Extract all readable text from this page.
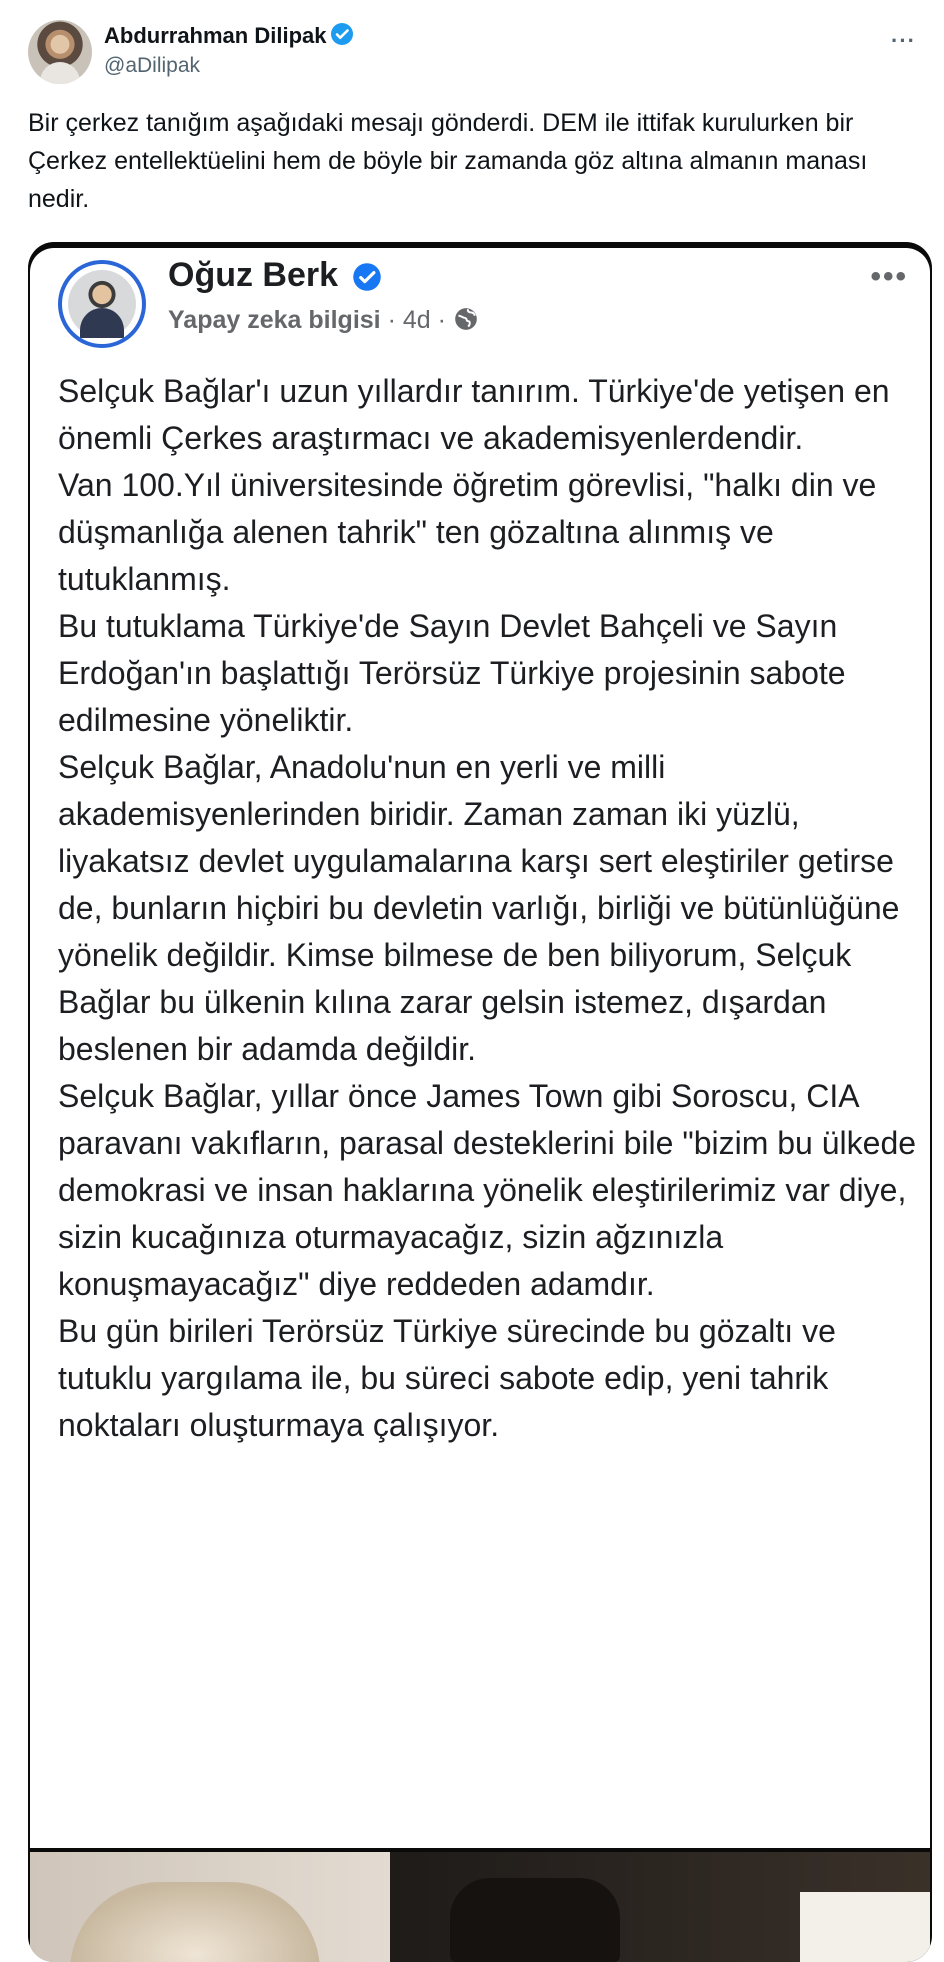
Abdurrahman Dilipak
@aDilipak
···
Bir çerkez tanığım aşağıdaki mesajı gönderdi. DEM ile ittifak kurulurken bir Çerkez entellektüelini hem de böyle bir zamanda göz altına almanın manası nedir.
Oğuz Berk
Yapay zeka bilgisi · 4d ·
•••

Selçuk Bağlar'ı uzun yıllardır tanırım. Türkiye'de yetişen en önemli Çerkes araştırmacı ve akademisyenlerdendir.

Van 100.Yıl üniversitesinde öğretim görevlisi, "halkı din ve düşmanlığa alenen tahrik" ten gözaltına alınmış ve tutuklanmış.

Bu tutuklama Türkiye'de Sayın Devlet Bahçeli ve Sayın Erdoğan'ın başlattığı Terörsüz Türkiye projesinin sabote edilmesine yöneliktir.

Selçuk Bağlar, Anadolu'nun en yerli ve milli akademisyenlerinden biridir. Zaman zaman iki yüzlü, liyakatsız devlet uygulamalarına karşı sert eleştiriler getirse de, bunların hiçbiri bu devletin varlığı, birliği ve bütünlüğüne yönelik değildir. Kimse bilmese de ben biliyorum, Selçuk Bağlar bu ülkenin kılına zarar gelsin istemez, dışardan beslenen bir adamda değildir.

Selçuk Bağlar, yıllar önce James Town gibi Soroscu, CIA paravanı vakıfların, parasal desteklerini bile "bizim bu ülkede demokrasi ve insan haklarına yönelik eleştirilerimiz var diye, sizin kucağınıza oturmayacağız, sizin ağzınızla konuşmayacağız" diye reddeden adamdır.

Bu gün birileri Terörsüz Türkiye sürecinde bu gözaltı ve tutuklu yargılama ile, bu süreci sabote edip, yeni tahrik noktaları oluşturmaya çalışıyor.
